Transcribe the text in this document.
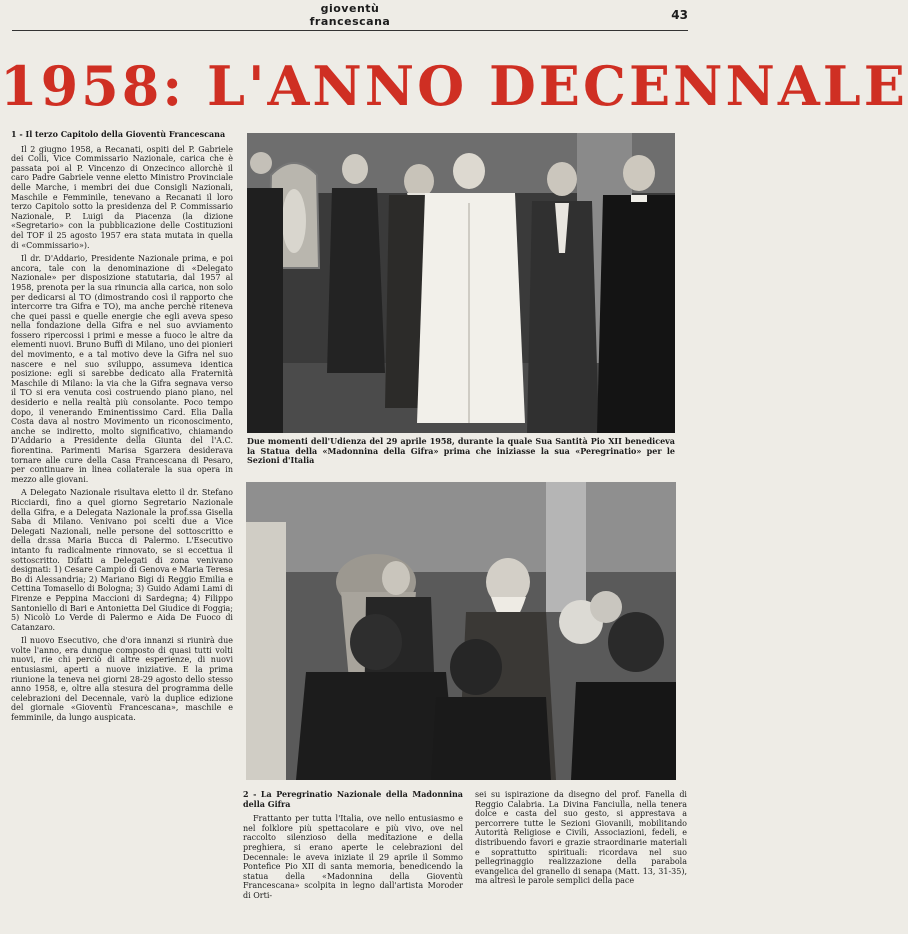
gioventù
francescana	43
1958: L'ANNO DECENNALE
1 - Il terzo Capitolo della Gioventù Francescana

Il 2 giugno 1958, a Recanati, ospiti del P. Gabriele dei Colli, Vice Commissario Nazionale, carica che è passata poi al P. Vincenzo di Onzecinco allorchè il caro Padre Gabriele venne eletto Ministro Provinciale delle Marche, i membri dei due Consigli Nazionali, Maschile e Femminile, tenevano a Recanati il loro terzo Capitolo sotto la presidenza del P. Commissario Nazionale, P. Luigi da Piacenza (la dizione «Segretario» con la pubblicazione delle Costituzioni del TOF il 25 agosto 1957 era stata mutata in quella di «Commissario»).

Il dr. D'Addario, Presidente Nazionale prima, e poi ancora, tale con la denominazione di «Delegato Nazionale» per disposizione statutaria, dal 1957 al 1958, prenota per la sua rinuncia alla carica, non solo per dedicarsi al TO (dimostrando così il rapporto che intercorre tra Gifra e TO), ma anche perchè riteneva che quei passi e quelle energie che egli aveva speso nella fondazione della Gifra e nel suo avviamento fossero ripercossi i primi e messe a fuoco le altre da elementi nuovi. Bruno Buffi di Milano, uno dei pionieri del movimento, e a tal motivo deve la Gifra nel suo nascere e nel suo sviluppo, assumeva identica posizione: egli si sarebbe dedicato alla Fraternità Maschile di Milano: la via che la Gifra segnava verso il TO si era venuta così costruendo piano piano, nel desiderio e nella realtà più consolante. Poco tempo dopo, il venerando Eminentissimo Card. Elia Dalla Costa dava al nostro Movimento un riconoscimento, anche se indiretto, molto significativo, chiamando D'Addario a Presidente della Giunta del l'A.C. fiorentina. Parimenti Marisa Sgarzera desiderava tornare alle cure della Casa Francescana di Pesaro, per continuare in linea collaterale la sua opera in mezzo alle giovani.

A Delegato Nazionale risultava eletto il dr. Stefano Ricciardi, fino a quel giorno Segretario Nazionale della Gifra, e a Delegata Nazionale la prof.ssa Gisella Saba di Milano. Venivano poi scelti due a Vice Delegati Nazionali, nelle persone del sottoscritto e della dr.ssa Maria Bucca di Palermo. L'Esecutivo intanto fu radicalmente rinnovato, se si eccettua il sottoscritto. Difatti a Delegati di zona venivano designati: 1) Cesare Campio di Genova e Maria Teresa Bo di Alessandria; 2) Mariano Bigi di Reggio Emilia e Cettina Tomasello di Bologna; 3) Guido Adami Lami di Firenze e Peppina Maccioni di Sardegna; 4) Filippo Santoniello di Bari e Antonietta Del Giudice di Foggia; 5) Nicolò Lo Verde di Palermo e Aida De Fuoco di Catanzaro.

Il nuovo Esecutivo, che d'ora innanzi si riunirà due volte l'anno, era dunque composto di quasi tutti volti nuovi, rie chi perciò di altre esperienze, di nuovi entusiasmi, aperti a nuove iniziative. E la prima riunione la teneva nei giorni 28-29 agosto dello stesso anno 1958, e, oltre alla stesura del programma delle celebrazioni del Decennale, varò la duplice edizione del giornale «Gioventù Francescana», maschile e femminile, da lungo auspicata.

Due momenti dell'Udienza del 29 aprile 1958, durante la quale Sua Santità Pio XII benediceva la Statua della «Madonnina della Gifra» prima che iniziasse la sua «Peregrinatio» per le Sezioni d'Italia
2 - La Peregrinatio Nazionale della Madonnina della Gifra

Frattanto per tutta l'Italia, ove nello entusiasmo e nel folklore più spettacolare e più vivo, ove nel raccolto silenzioso della meditazione e della preghiera, si erano aperte le celebrazioni del Decennale: le aveva iniziate il 29 aprile il Sommo Pontefice Pio XII di santa memoria, benedicendo la statua della «Madonnina della Gioventù Francescana» scolpita in legno dall'artista Moroder di Orti-

sei su ispirazione da disegno del prof. Fanella di Reggio Calabria. La Divina Fanciulla, nella tenera dolce e casta del suo gesto, si apprestava a percorrere tutte le Sezioni Giovanili, mobilitando Autorità Religiose e Civili, Associazioni, fedeli, e distribuendo favori e grazie straordinarie materiali e soprattutto spirituali: ricordava nel suo pellegrinaggio realizzazione della parabola evangelica del granello di senapa (Matt. 13, 31-35), ma altresì le parole semplici della pace
